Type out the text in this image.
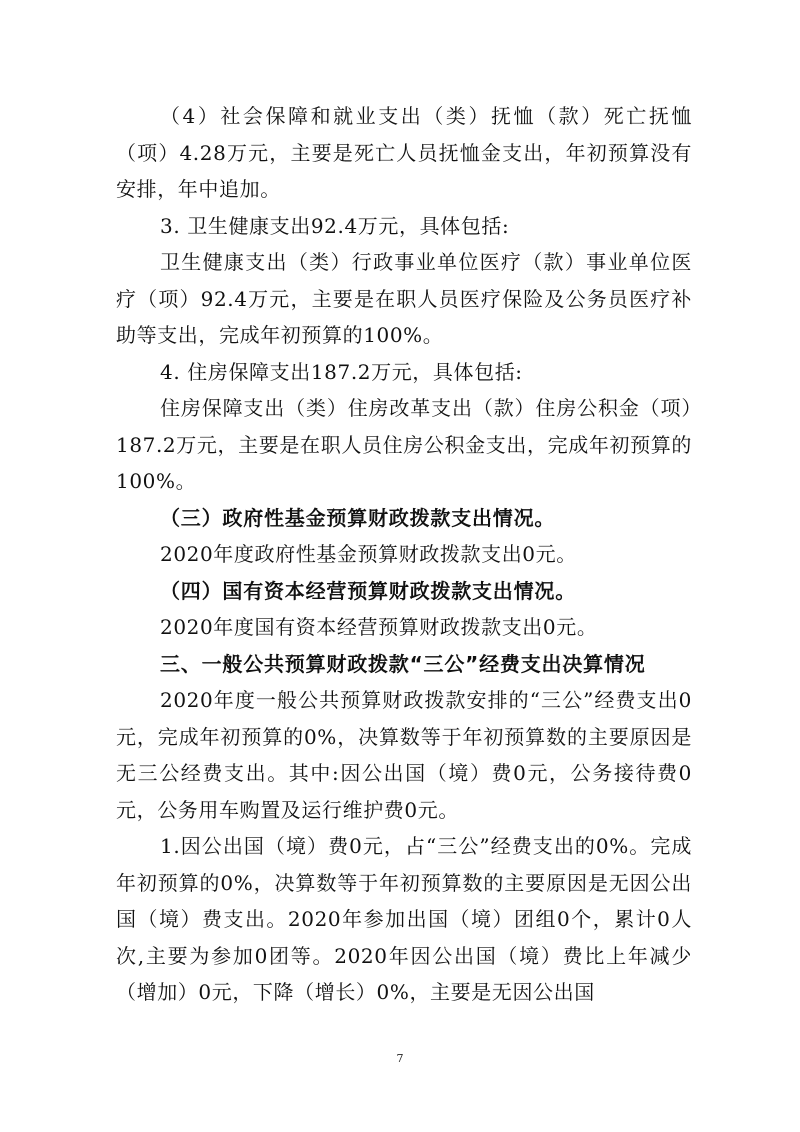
（4）社会保障和就业支出（类）抚恤（款）死亡抚恤（项）4.28万元，主要是死亡人员抚恤金支出，年初预算没有安排，年中追加。

3. 卫生健康支出92.4万元，具体包括:

卫生健康支出（类）行政事业单位医疗（款）事业单位医疗（项）92.4万元，主要是在职人员医疗保险及公务员医疗补助等支出，完成年初预算的100%。

4. 住房保障支出187.2万元，具体包括:

住房保障支出（类）住房改革支出（款）住房公积金（项）187.2万元，主要是在职人员住房公积金支出，完成年初预算的100%。

（三）政府性基金预算财政拨款支出情况。

2020年度政府性基金预算财政拨款支出0元。

（四）国有资本经营预算财政拨款支出情况。

2020年度国有资本经营预算财政拨款支出0元。

三、一般公共预算财政拨款“三公”经费支出决算情况

2020年度一般公共预算财政拨款安排的“三公”经费支出0元，完成年初预算的0%，决算数等于年初预算数的主要原因是无三公经费支出。其中:因公出国（境）费0元，公务接待费0元，公务用车购置及运行维护费0元。

1.因公出国（境）费0元，占“三公”经费支出的0%。完成年初预算的0%，决算数等于年初预算数的主要原因是无因公出国（境）费支出。2020年参加出国（境）团组0个，累计0人次,主要为参加0团等。2020年因公出国（境）费比上年减少（增加）0元，下降（增长）0%，主要是无因公出国

7
